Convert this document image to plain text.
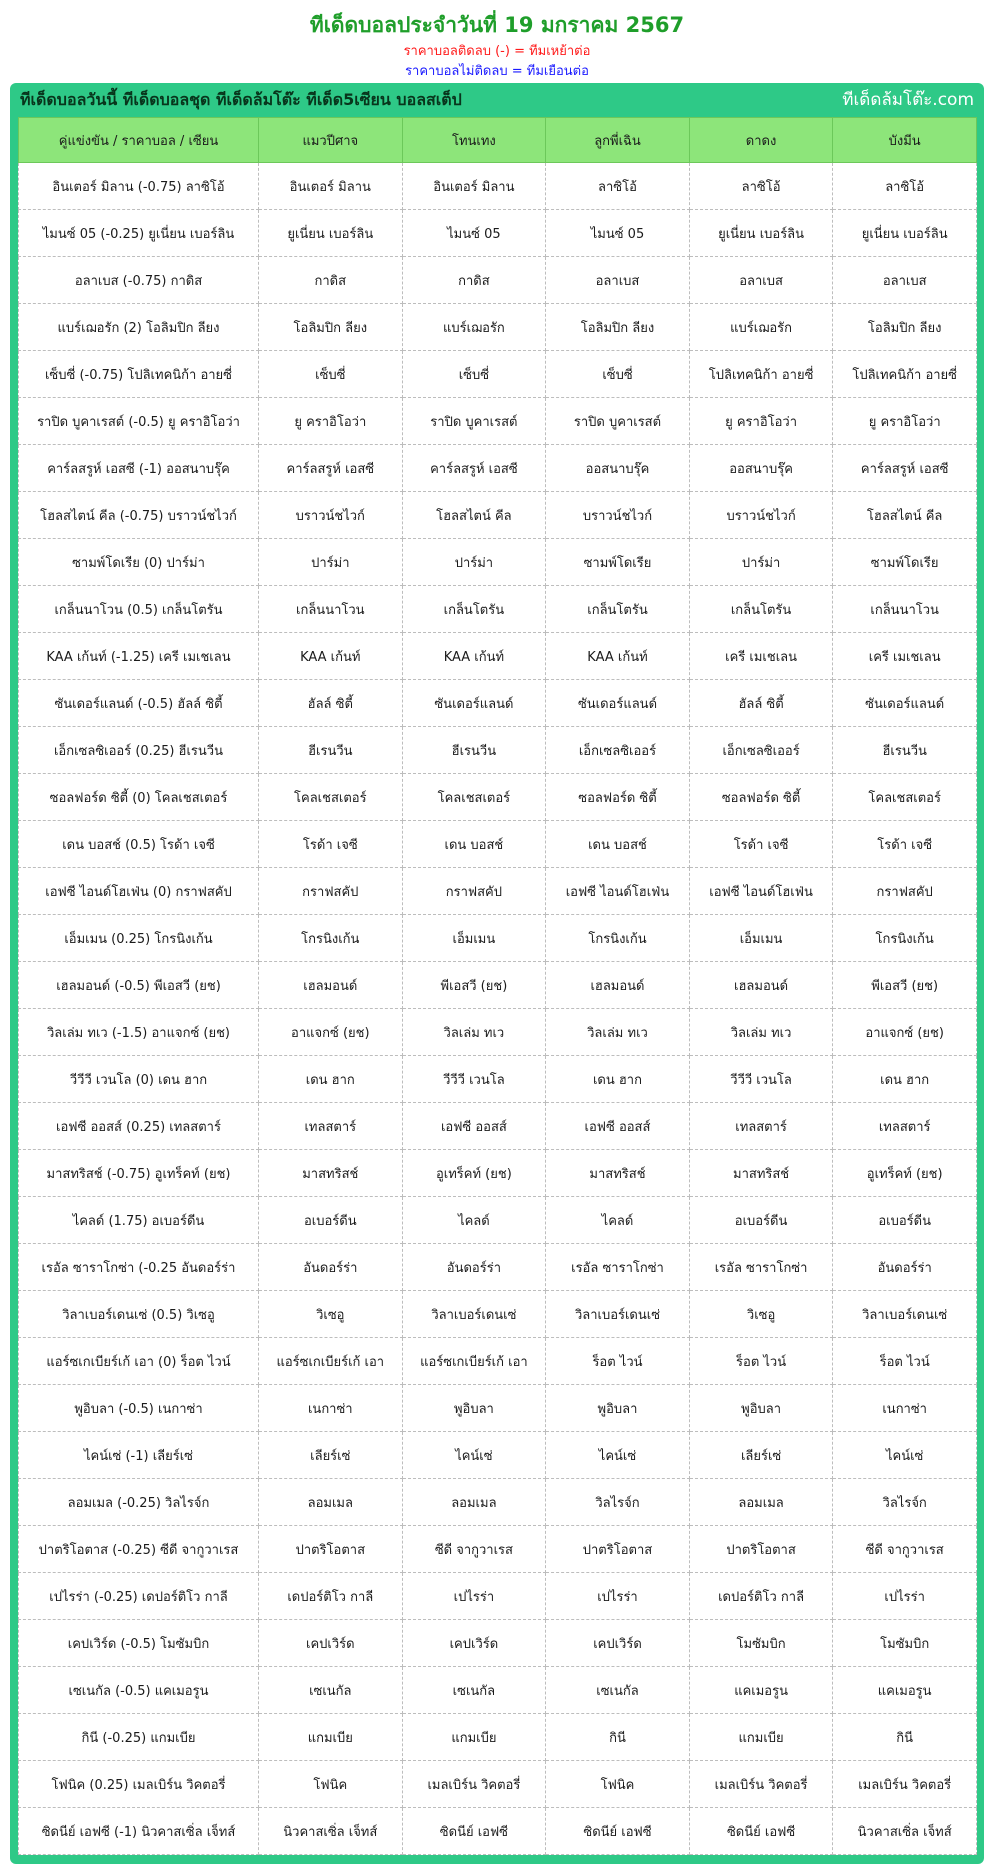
ทีเด็ดบอลประจำวันที่ 19 มกราคม 2567
ราคาบอลติดลบ (-) = ทีมเหย้าต่อ
ราคาบอลไม่ติดลบ = ทีมเยือนต่อ
ทีเด็ดบอลวันนี้ ทีเด็ดบอลชุด ทีเด็ดล้มโต๊ะ ทีเด็ด5เซียน บอลสเต็ป	ทีเด็ดล้มโต๊ะ.com
คู่แข่งขัน / ราคาบอล / เซียน	แมวปีศาจ	โทนเทง	ลูกพี่เฉิน	ดาดง	บังมีน
อินเตอร์ มิลาน (-0.75) ลาซิโอ้	อินเตอร์ มิลาน	อินเตอร์ มิลาน	ลาซิโอ้	ลาซิโอ้	ลาซิโอ้
ไมนซ์ 05 (-0.25) ยูเนี่ยน เบอร์ลิน	ยูเนี่ยน เบอร์ลิน	ไมนซ์ 05	ไมนซ์ 05	ยูเนี่ยน เบอร์ลิน	ยูเนี่ยน เบอร์ลิน
อลาเบส (-0.75) กาดิส	กาดิส	กาดิส	อลาเบส	อลาเบส	อลาเบส
แบร์เฌอรัก (2) โอลิมปิก ลียง	โอลิมปิก ลียง	แบร์เฌอรัก	โอลิมปิก ลียง	แบร์เฌอรัก	โอลิมปิก ลียง
เซ็บซี่ (-0.75) โปลิเทคนิก้า อายซี่	เซ็บซี่	เซ็บซี่	เซ็บซี่	โปลิเทคนิก้า อายซี่	โปลิเทคนิก้า อายซี่
ราปิด บูคาเรสต์ (-0.5) ยู คราอิโอว่า	ยู คราอิโอว่า	ราปิด บูคาเรสต์	ราปิด บูคาเรสต์	ยู คราอิโอว่า	ยู คราอิโอว่า
คาร์ลสรูห์ เอสซี (-1) ออสนาบรุ๊ค	คาร์ลสรูห์ เอสซี	คาร์ลสรูห์ เอสซี	ออสนาบรุ๊ค	ออสนาบรุ๊ค	คาร์ลสรูห์ เอสซี
โฮลสไตน์ คีล (-0.75) บราวน์ชไวก์	บราวน์ชไวก์	โฮลสไตน์ คีล	บราวน์ชไวก์	บราวน์ชไวก์	โฮลสไตน์ คีล
ซามพ์โดเรีย (0) ปาร์ม่า	ปาร์ม่า	ปาร์ม่า	ซามพ์โดเรีย	ปาร์ม่า	ซามพ์โดเรีย
เกล็นนาโวน (0.5) เกล็นโตรัน	เกล็นนาโวน	เกล็นโตรัน	เกล็นโตรัน	เกล็นโตรัน	เกล็นนาโวน
KAA เก้นท์ (-1.25) เครี เมเชเลน	KAA เก้นท์	KAA เก้นท์	KAA เก้นท์	เครี เมเชเลน	เครี เมเชเลน
ซันเดอร์แลนด์ (-0.5) ฮัลล์ ซิตี้	ฮัลล์ ซิตี้	ซันเดอร์แลนด์	ซันเดอร์แลนด์	ฮัลล์ ซิตี้	ซันเดอร์แลนด์
เอ็กเซลซิเออร์ (0.25) ฮีเรนวีน	ฮีเรนวีน	ฮีเรนวีน	เอ็กเซลซิเออร์	เอ็กเซลซิเออร์	ฮีเรนวีน
ซอลฟอร์ด ซิตี้ (0) โคลเชสเตอร์	โคลเชสเตอร์	โคลเชสเตอร์	ซอลฟอร์ด ซิตี้	ซอลฟอร์ด ซิตี้	โคลเชสเตอร์
เดน บอสช์ (0.5) โรด้า เจซี	โรด้า เจซี	เดน บอสช์	เดน บอสช์	โรด้า เจซี	โรด้า เจซี
เอฟซี ไอนด์โฮเฟ่น (0) กราฟสคัป	กราฟสคัป	กราฟสคัป	เอฟซี ไอนด์โฮเฟ่น	เอฟซี ไอนด์โฮเฟ่น	กราฟสคัป
เอ็มเมน (0.25) โกรนิงเก้น	โกรนิงเก้น	เอ็มเมน	โกรนิงเก้น	เอ็มเมน	โกรนิงเก้น
เฮลมอนด์ (-0.5) พีเอสวี (ยช)	เฮลมอนด์	พีเอสวี (ยช)	เฮลมอนด์	เฮลมอนด์	พีเอสวี (ยช)
วิลเล่ม ทเว (-1.5) อาแจกซ์ (ยช)	อาแจกซ์ (ยช)	วิลเล่ม ทเว	วิลเล่ม ทเว	วิลเล่ม ทเว	อาแจกซ์ (ยช)
วีวีวี เวนโล (0) เดน ฮาก	เดน ฮาก	วีวีวี เวนโล	เดน ฮาก	วีวีวี เวนโล	เดน ฮาก
เอฟซี ออสส์ (0.25) เทลสตาร์	เทลสตาร์	เอฟซี ออสส์	เอฟซี ออสส์	เทลสตาร์	เทลสตาร์
มาสทริสช์ (-0.75) อูเทร็คท์ (ยช)	มาสทริสช์	อูเทร็คท์ (ยช)	มาสทริสช์	มาสทริสช์	อูเทร็คท์ (ยช)
ไคลด์ (1.75) อเบอร์ดีน	อเบอร์ดีน	ไคลด์	ไคลด์	อเบอร์ดีน	อเบอร์ดีน
เรอัล ซาราโกซ่า (-0.25 อันดอร์ร่า	อันดอร์ร่า	อันดอร์ร่า	เรอัล ซาราโกซ่า	เรอัล ซาราโกซ่า	อันดอร์ร่า
วิลาเบอร์เดนเซ่ (0.5) วิเซอู	วิเซอู	วิลาเบอร์เดนเซ่	วิลาเบอร์เดนเซ่	วิเซอู	วิลาเบอร์เดนเซ่
แอร์ซเกเบียร์เก้ เอา (0) ร็อต ไวน์	แอร์ซเกเบียร์เก้ เอา	แอร์ซเกเบียร์เก้ เอา	ร็อต ไวน์	ร็อต ไวน์	ร็อต ไวน์
พูอิบลา (-0.5) เนกาซ่า	เนกาซ่า	พูอิบลา	พูอิบลา	พูอิบลา	เนกาซ่า
ไคน์เซ่ (-1) เลียร์เซ่	เลียร์เซ่	ไคน์เซ่	ไคน์เซ่	เลียร์เซ่	ไคน์เซ่
ลอมเมล (-0.25) วิลไรจ์ก	ลอมเมล	ลอมเมล	วิลไรจ์ก	ลอมเมล	วิลไรจ์ก
ปาตริโอตาส (-0.25) ซีดี จากูวาเรส	ปาตริโอตาส	ซีดี จากูวาเรส	ปาตริโอตาส	ปาตริโอตาส	ซีดี จากูวาเรส
เปไรร่า (-0.25) เดปอร์ติโว กาลี	เดปอร์ติโว กาลี	เปไรร่า	เปไรร่า	เดปอร์ติโว กาลี	เปไรร่า
เคปเวิร์ด (-0.5) โมซัมบิก	เคปเวิร์ด	เคปเวิร์ด	เคปเวิร์ด	โมซัมบิก	โมซัมบิก
เซเนกัล (-0.5) แคเมอรูน	เซเนกัล	เซเนกัล	เซเนกัล	แคเมอรูน	แคเมอรูน
กินี (-0.25) แกมเบีย	แกมเบีย	แกมเบีย	กินี	แกมเบีย	กินี
โฟนิค (0.25) เมลเบิร์น วิคตอรี่	โฟนิค	เมลเบิร์น วิคตอรี่	โฟนิค	เมลเบิร์น วิคตอรี่	เมลเบิร์น วิคตอรี่
ซิดนีย์ เอฟซี (-1) นิวคาสเซิ่ล เจ็ทส์	นิวคาสเซิ่ล เจ็ทส์	ซิดนีย์ เอฟซี	ซิดนีย์ เอฟซี	ซิดนีย์ เอฟซี	นิวคาสเซิ่ล เจ็ทส์
